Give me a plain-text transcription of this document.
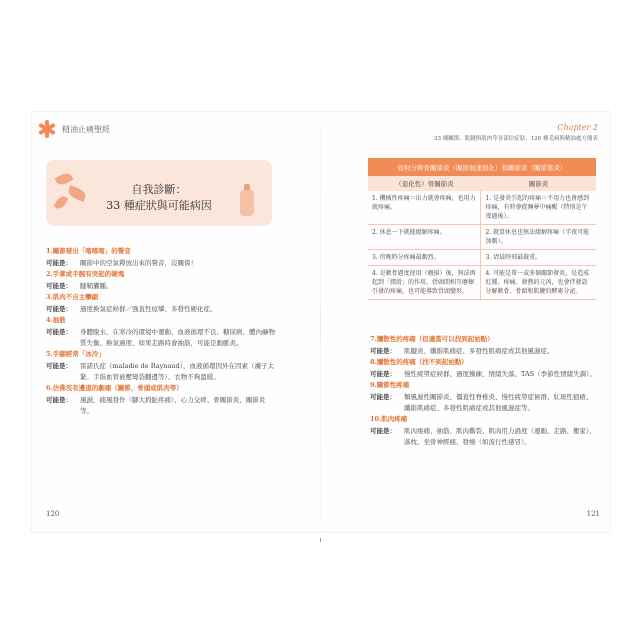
精油止痛聖經	Chapter 2
33 種關節、肌腱與肌肉等各部位症狀，126 種毛病與精油處方簡表
自我診斷：
33 種症狀與可能病因
1.關節發出「喀喀喀」的聲音
可能是：	關節中的空氣釋放出來的聲音，沒關係！
2.手掌或手腕有突起的硬塊
可能是：	腱鞘囊腫。
3.肌肉不自主攣縮
可能是：	過度換氣症候群／強直性痙攣、多發性硬化症。
4.抽筋
可能是：	身體脫水、在寒冷的環境中運動、血液循環不良、糖尿病、體內礦物質失衡、換氣過度、如果走路時會抽筋，可能是動脈炎。
5.手腳經常「冰冷」
可能是：	雷諾氏症（maladie de Raynaud），血液循環因外在因素（襪子太緊、手指血管被壓彎袋翻邊等）、衣物不夠溫暖。
6.仿佛沒有邊道的劇痛（關節、骨頭或肌肉等）
可能是：	風濕、痛風發作（腳大拇趾疼痛）、心力交瘁、骨關節炎、關節炎等。
如何分辨骨關節炎（關節加速退化）和關節炎（關節發炎）	
（退化性）骨關節炎	關節炎
1. 機械性疼痛＝出力就會疼痛，也用力就疼痛。	1. 是發炎引起的疼痛＝不用力也會感到疼痛，有時會從睡夢中痛醒（特別是午夜過後）。
2. 休息一下就能緩解疼痛。	2. 就算休息也無法緩解疼痛（半夜可能加劇）。
3. 傍晚時分疼痛最劇烈。	3. 清晨時刻最嚴重。
4. 是軟骨過度使用（磨損）後，無法再起到「潤滑」的作用，骨頭間相互磨擦引發的疼痛，也可能導致骨頭變形。	4. 可能是單一或多個關節發炎，是造成紅腫、疼痛、發熱的元凶，也會伴發設分解軟骨、骨頭和肌腱的酵素分泌。
7.瀰散性的疼痛（但適當可以找到起始點）
可能是：	肌腱炎、纖維肌痛症、多發性肌痛症或其他風濕症。
8.瀰散性的疼痛（找不到起始點）
可能是：	慢性疲勞症候群、過度操練、情緒失落、TAS（季節性情緒失調）。
9.關節性疼痛
可能是：	類風濕性關節炎、僵直性脊椎炎、慢性疲勞症候群、紅斑性狼瘡、纖維肌痛症、多發性肌痛症或其他風濕症等。
10.肌肉疼痛
可能是：	肌肉痠痛、抽筋、肌肉撕裂、肌肉用力過度（運動、走路、搬家）、落枕、坐骨神經痛、發燒（如流行性感冒）。
120	121
